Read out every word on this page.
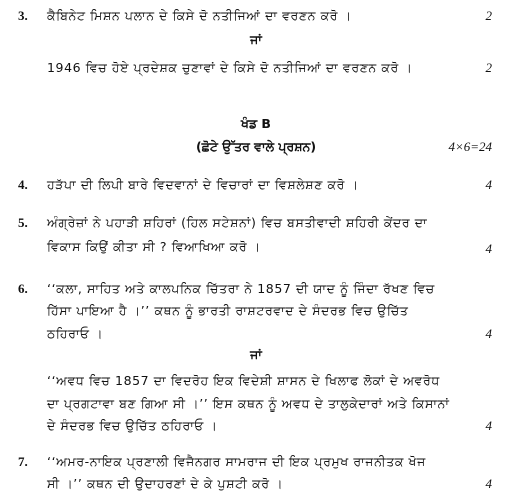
3. ਕੈਬਿਨੇਟ ਮਿਸ਼ਨ ਪਲਾਨ ਦੇ ਕਿਸੇ ਦੋ ਨਤੀਜਿਆਂ ਦਾ ਵਰਣਨ ਕਰੋ ।	2
ਜਾਂ
1946 ਵਿਚ ਹੋਏ ਪ੍ਰਦੇਸ਼ਕ ਚੁਣਾਵਾਂ ਦੇ ਕਿਸੇ ਦੋ ਨਤੀਜਿਆਂ ਦਾ ਵਰਣਨ ਕਰੋ ।	2
ਖੰਡ B
(ਛੋਟੇ ਉੱਤਰ ਵਾਲੇ ਪ੍ਰਸ਼ਨ)	4×6=24
4. ਹੜੱਪਾ ਦੀ ਲਿਪੀ ਬਾਰੇ ਵਿਦਵਾਨਾਂ ਦੇ ਵਿਚਾਰਾਂ ਦਾ ਵਿਸ਼ਲੇਸ਼ਣ ਕਰੋ ।	4
5. ਅੰਗ੍ਰੇਜ਼ਾਂ ਨੇ ਪਹਾੜੀ ਸ਼ਹਿਰਾਂ (ਹਿਲ ਸਟੇਸ਼ਨਾਂ) ਵਿਚ ਬਸਤੀਵਾਦੀ ਸ਼ਹਿਰੀ ਕੇਂਦਰ ਦਾ
ਵਿਕਾਸ ਕਿਉਂ ਕੀਤਾ ਸੀ ? ਵਿਆਖਿਆ ਕਰੋ ।	4
6. ‘‘ਕਲਾ, ਸਾਹਿਤ ਅਤੇ ਕਾਲਪਨਿਕ ਚਿੱਤਰਾ ਨੇ 1857 ਦੀ ਯਾਦ ਨੂੰ ਜਿੰਦਾ ਰੱਖਣ ਵਿਚ
ਹਿੱਸਾ ਪਾਇਆ ਹੈ ।’’ ਕਥਨ ਨੂੰ ਭਾਰਤੀ ਰਾਸ਼ਟਰਵਾਦ ਦੇ ਸੰਦਰਭ ਵਿਚ ਉਚਿੱਤ
ਠਹਿਰਾਓ ।	4
ਜਾਂ
‘‘ਅਵਧ ਵਿਚ 1857 ਦਾ ਵਿਦਰੋਹ ਇਕ ਵਿਦੇਸ਼ੀ ਸ਼ਾਸਨ ਦੇ ਖਿਲਾਫ ਲੋਕਾਂ ਦੇ ਅਵਰੋਧ
ਦਾ ਪ੍ਰਗਟਾਵਾ ਬਣ ਗਿਆ ਸੀ ।’’ ਇਸ ਕਥਨ ਨੂੰ ਅਵਧ ਦੇ ਤਾਲੁਕੇਦਾਰਾਂ ਅਤੇ ਕਿਸਾਨਾਂ
ਦੇ ਸੰਦਰਭ ਵਿਚ ਉਚਿੱਤ ਠਹਿਰਾਓ ।	4
7. ‘‘ਅਮਰ-ਨਾਇਕ ਪ੍ਰਣਾਲੀ ਵਿਜੈਨਗਰ ਸਾਮਰਾਜ ਦੀ ਇਕ ਪ੍ਰਮੁਖ ਰਾਜਨੀਤਕ ਖੋਜ
ਸੀ ।’’ ਕਥਨ ਦੀ ਉਦਾਹਰਣਾਂ ਦੇ ਕੇ ਪੁਸ਼ਟੀ ਕਰੋ ।	4
